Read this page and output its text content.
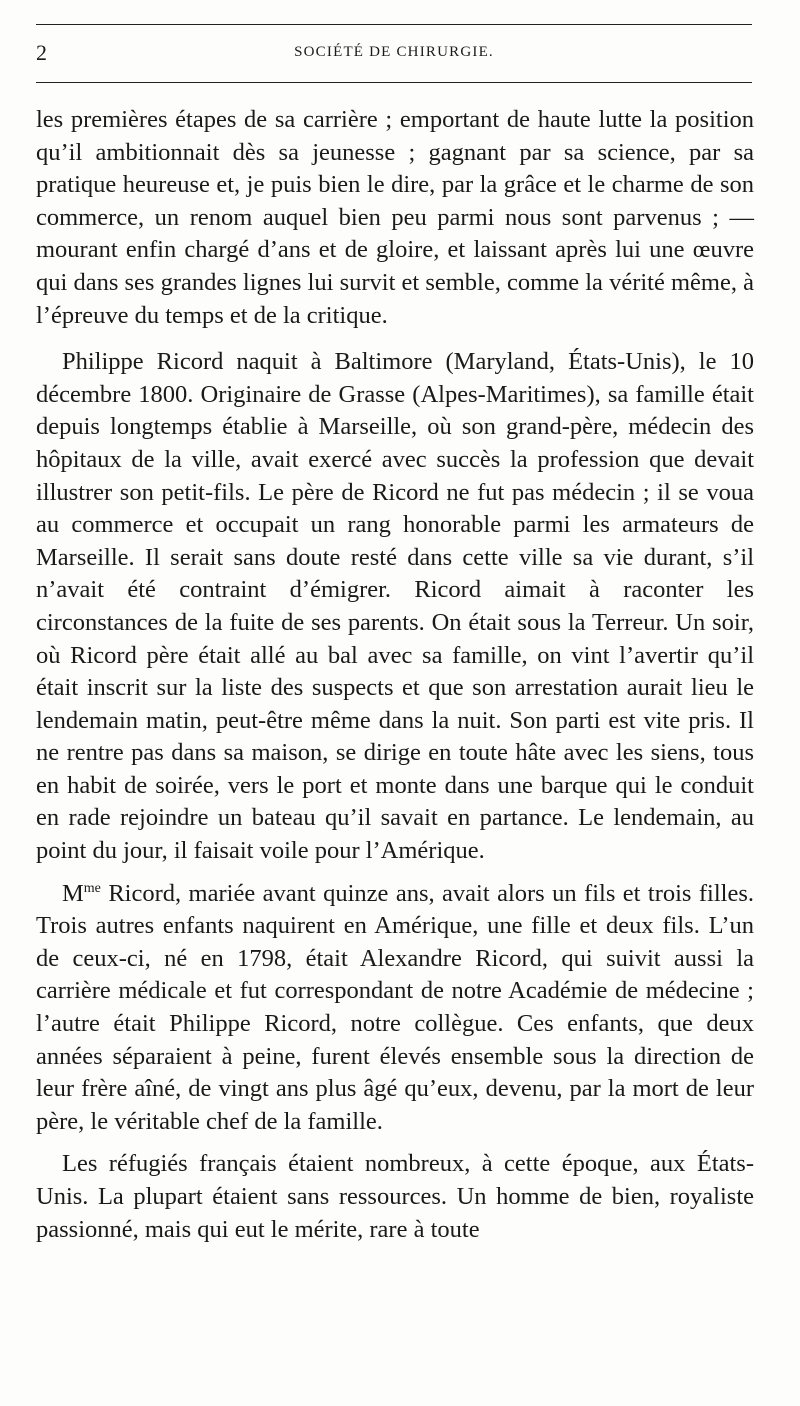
2	SOCIÉTÉ DE CHIRURGIE.

les premières étapes de sa carrière ; emportant de haute lutte la position qu’il ambitionnait dès sa jeunesse ; gagnant par sa science, par sa pratique heureuse et, je puis bien le dire, par la grâce et le charme de son commerce, un renom auquel bien peu parmi nous sont parvenus ; — mourant enfin chargé d’ans et de gloire, et laissant après lui une œuvre qui dans ses grandes lignes lui survit et semble, comme la vérité même, à l’épreuve du temps et de la critique.

Philippe Ricord naquit à Baltimore (Maryland, États-Unis), le 10 décembre 1800. Originaire de Grasse (Alpes-Maritimes), sa famille était depuis longtemps établie à Marseille, où son grand-père, médecin des hôpitaux de la ville, avait exercé avec succès la profession que devait illustrer son petit-fils. Le père de Ricord ne fut pas médecin ; il se voua au commerce et occupait un rang honorable parmi les armateurs de Marseille. Il serait sans doute resté dans cette ville sa vie durant, s’il n’avait été contraint d’émigrer. Ricord aimait à raconter les circonstances de la fuite de ses parents. On était sous la Terreur. Un soir, où Ricord père était allé au bal avec sa famille, on vint l’avertir qu’il était inscrit sur la liste des suspects et que son arrestation aurait lieu le lendemain matin, peut-être même dans la nuit. Son parti est vite pris. Il ne rentre pas dans sa maison, se dirige en toute hâte avec les siens, tous en habit de soirée, vers le port et monte dans une barque qui le conduit en rade rejoindre un bateau qu’il savait en partance. Le lendemain, au point du jour, il faisait voile pour l’Amérique.

$M^{me}$ Ricord, mariée avant quinze ans, avait alors un fils et trois filles. Trois autres enfants naquirent en Amérique, une fille et deux fils. L’un de ceux-ci, né en 1798, était Alexandre Ricord, qui suivit aussi la carrière médicale et fut correspondant de notre Académie de médecine ; l’autre était Philippe Ricord, notre collègue. Ces enfants, que deux années séparaient à peine, furent élevés ensemble sous la direction de leur frère aîné, de vingt ans plus âgé qu’eux, devenu, par la mort de leur père, le véritable chef de la famille.

Les réfugiés français étaient nombreux, à cette époque, aux États-Unis. La plupart étaient sans ressources. Un homme de bien, royaliste passionné, mais qui eut le mérite, rare à toute
